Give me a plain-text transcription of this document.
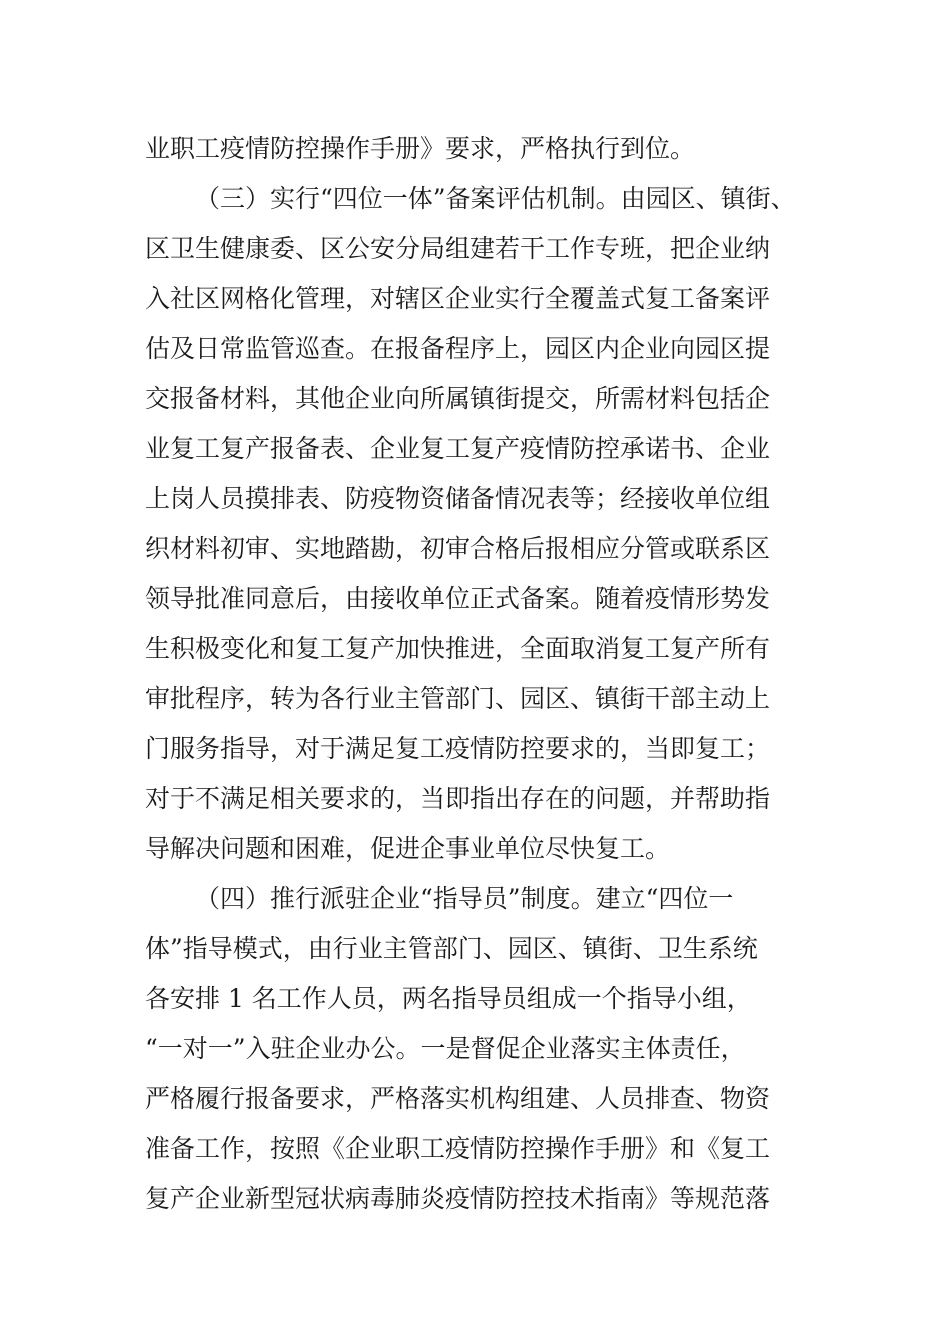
业职工疫情防控操作手册》要求，严格执行到位。
（三）实行“四位一体”备案评估机制。由园区、镇街、
区卫生健康委、区公安分局组建若干工作专班，把企业纳
入社区网格化管理，对辖区企业实行全覆盖式复工备案评
估及日常监管巡查。在报备程序上，园区内企业向园区提
交报备材料，其他企业向所属镇街提交，所需材料包括企
业复工复产报备表、企业复工复产疫情防控承诺书、企业
上岗人员摸排表、防疫物资储备情况表等；经接收单位组
织材料初审、实地踏勘，初审合格后报相应分管或联系区
领导批准同意后，由接收单位正式备案。随着疫情形势发
生积极变化和复工复产加快推进，全面取消复工复产所有
审批程序，转为各行业主管部门、园区、镇街干部主动上
门服务指导，对于满足复工疫情防控要求的，当即复工；
对于不满足相关要求的，当即指出存在的问题，并帮助指
导解决问题和困难，促进企事业单位尽快复工。
（四）推行派驻企业“指导员”制度。建立“四位一
体”指导模式，由行业主管部门、园区、镇街、卫生系统
各安排 1 名工作人员，两名指导员组成一个指导小组，
“一对一”入驻企业办公。一是督促企业落实主体责任，
严格履行报备要求，严格落实机构组建、人员排查、物资
准备工作，按照《企业职工疫情防控操作手册》和《复工
复产企业新型冠状病毒肺炎疫情防控技术指南》等规范落
